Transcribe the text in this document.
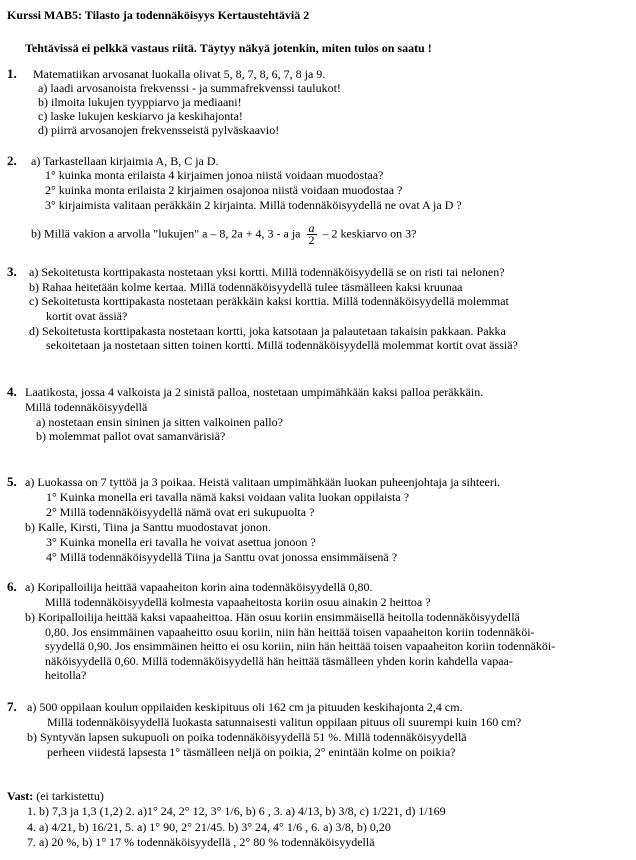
Kurssi MAB5: Tilasto ja todennäköisyys Kertaustehtäviä 2
Tehtävissä ei pelkkä vastaus riitä. Täytyy näkyä jotenkin, miten tulos on saatu !
1. Matematiikan arvosanat luokalla olivat 5, 8, 7, 8, 6, 7, 8 ja 9.
a) laadi arvosanoista frekvenssi - ja summafrekvenssi taulukot!
b) ilmoita lukujen tyyppiarvo ja mediaani!
c) laske lukujen keskiarvo ja keskihajonta!
d) piirrä arvosanojen frekvensseistä pylväskaavio!
2. a) Tarkastellaan kirjaimia A, B, C ja D.
1° kuinka monta erilaista 4 kirjaimen jonoa niistä voidaan muodostaa?
2° kuinka monta erilaista 2 kirjaimen osajonoa niistä voidaan muodostaa ?
3° kirjaimista valitaan peräkkäin 2 kirjainta. Millä todennäköisyydellä ne ovat A ja D ?
b) Millä vakion a arvolla "lukujen" a – 8, 2a + 4, 3 - a ja $\frac{a}{2} - 2$ keskiarvo on 3?
3. a) Sekoitetusta korttipakasta nostetaan yksi kortti. Millä todennäköisyydellä se on risti tai nelonen?
b) Rahaa heitetään kolme kertaa. Millä todennäköisyydellä tulee täsmälleen kaksi kruunaa
c) Sekoitetusta korttipakasta nostetaan peräkkäin kaksi korttia. Millä todennäköisyydellä molemmat
kortit ovat ässiä?
d) Sekoitetusta korttipakasta nostetaan kortti, joka katsotaan ja palautetaan takaisin pakkaan. Pakka
sekoitetaan ja nostetaan sitten toinen kortti. Millä todennäköisyydellä molemmat kortit ovat ässiä?
4. Laatikosta, jossa 4 valkoista ja 2 sinistä palloa, nostetaan umpimähkään kaksi palloa peräkkäin.
Millä todennäköisyydellä
a) nostetaan ensin sininen ja sitten valkoinen pallo?
b) molemmat pallot ovat samanvärisiä?
5. a) Luokassa on 7 tyttöä ja 3 poikaa. Heistä valitaan umpimähkään luokan puheenjohtaja ja sihteeri.
1° Kuinka monella eri tavalla nämä kaksi voidaan valita luokan oppilaista ?
2° Millä todennäköisyydellä nämä ovat eri sukupuolta ?
b) Kalle, Kirsti, Tiina ja Santtu muodostavat jonon.
3° Kuinka monella eri tavalla he voivat asettua jonoon ?
4° Millä todennäköisyydellä Tiina ja Santtu ovat jonossa ensimmäisenä ?
6. a) Koripalloilija heittää vapaaheiton korin aina todennäköisyydellä 0,80.
Millä todennäköisyydellä kolmesta vapaaheitosta koriin osuu ainakin 2 heittoa ?
b) Koripalloilija heittää kaksi vapaaheittoa. Hän osuu koriin ensimmäisellä heitolla todennäköisyydellä
0,80. Jos ensimmäinen vapaaheitto osuu koriin, niin hän heittää toisen vapaaheiton koriin todennäköi-
syydellä 0,90. Jos ensimmäinen heitto ei osu koriin, niin hän heittää toisen vapaaheiton koriin todennäköi-
näköisyydellä 0,60. Millä todennäköisyydellä hän heittää täsmälleen yhden korin kahdella vapaa-
heitolla?
7. a) 500 oppilaan koulun oppilaiden keskipituus oli 162 cm ja pituuden keskihajonta 2,4 cm.
Millä todennäköisyydellä luokasta satunnaisesti valitun oppilaan pituus oli suurempi kuin 160 cm?
b) Syntyvän lapsen sukupuoli on poika todennäköisyydellä 51 %. Millä todennäköisyydellä
perheen viidestä lapsesta 1° täsmälleen neljä on poikia, 2° enintään kolme on poikia?
Vast: (ei tarkistettu)
1. b) 7,3 ja 1,3 (1,2) 2. a)1° 24, 2° 12, 3° 1/6, b) 6 , 3. a) 4/13, b) 3/8, c) 1/221, d) 1/169
4. a) 4/21, b) 16/21, 5. a) 1° 90, 2° 21/45. b) 3° 24, 4° 1/6 , 6. a) 3/8, b) 0,20
7. a) 20 %, b) 1° 17 % todennäköisyydellä , 2° 80 % todennäköisyydellä
